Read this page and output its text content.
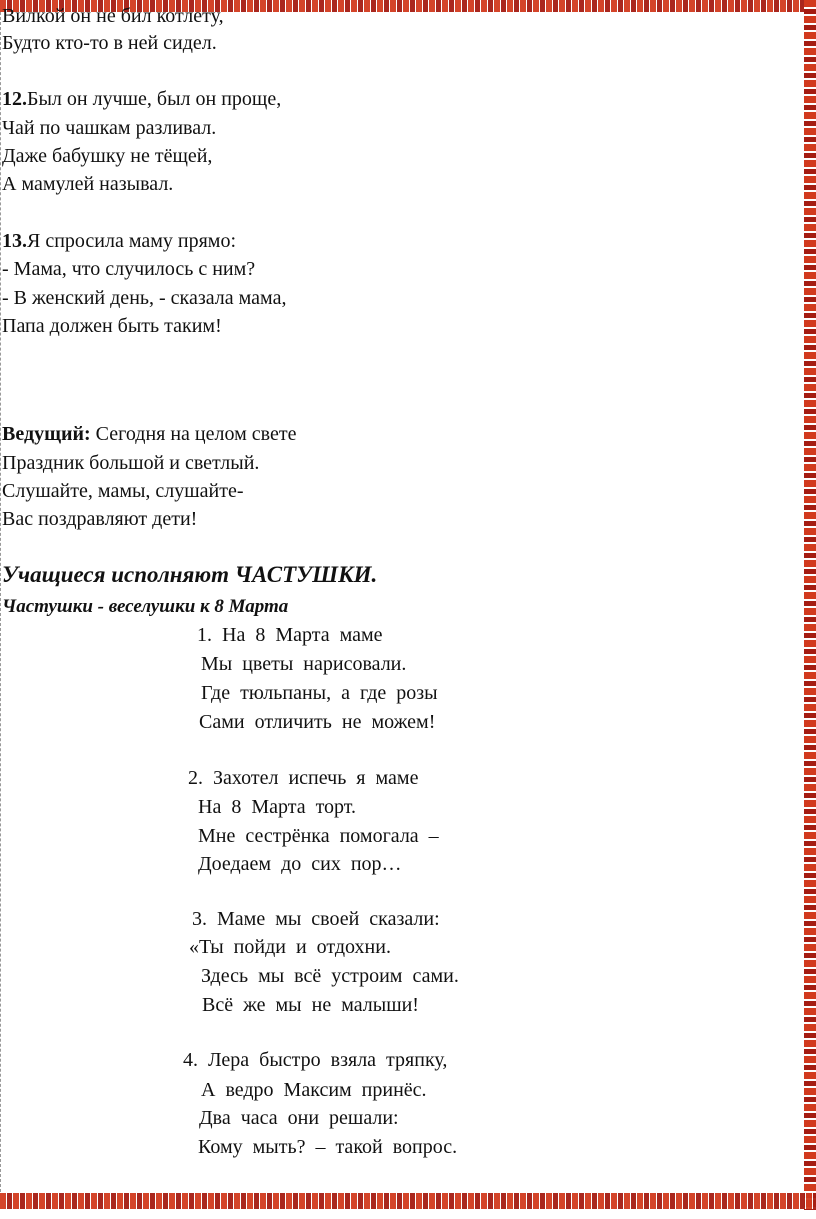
Вилкой он не бил котлету,
Будто кто-то в ней сидел.
12.Был он лучше, был он проще,
Чай по чашкам разливал.
Даже бабушку не тёщей,
А мамулей называл.
13.Я спросила маму прямо:
- Мама, что случилось с ним?
- В женский день, - сказала мама,
Папа должен быть таким!
Ведущий: Сегодня на целом свете
Праздник большой и светлый.
Слушайте, мамы, слушайте-
Вас поздравляют дети!
Учащиеся исполняют ЧАСТУШКИ.
Частушки - веселушки к 8 Марта
1. На 8 Марта маме
Мы цветы нарисовали.
Где тюльпаны, а где розы
Сами отличить не можем!
2. Захотел испечь я маме
На 8 Марта торт.
Мне сестрёнка помогала –
Доедаем до сих пор…
3. Маме мы своей сказали:
«Ты пойди и отдохни.
Здесь мы всё устроим сами.
Всё же мы не малыши!
4. Лера быстро взяла тряпку,
А ведро Максим принёс.
Два часа они решали:
Кому мыть? – такой вопрос.
